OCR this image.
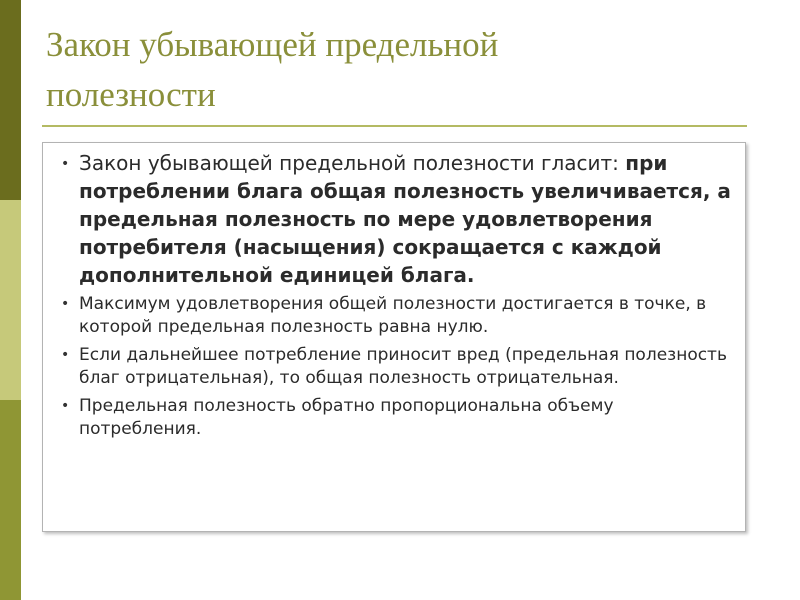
Закон убывающей предельной
полезности
• Закон убывающей предельной полезности гласит: при потреблении блага общая полезность увеличивается, а предельная полезность по мере удовлетворения потребителя (насыщения) сокращается с каждой дополнительной единицей блага.
• Максимум удовлетворения общей полезности достигается в точке, в которой предельная полезность равна нулю.
• Если дальнейшее потребление приносит вред (предельная полезность благ отрицательная), то общая полезность отрицательная.
• Предельная полезность обратно пропорциональна объему потребления.
